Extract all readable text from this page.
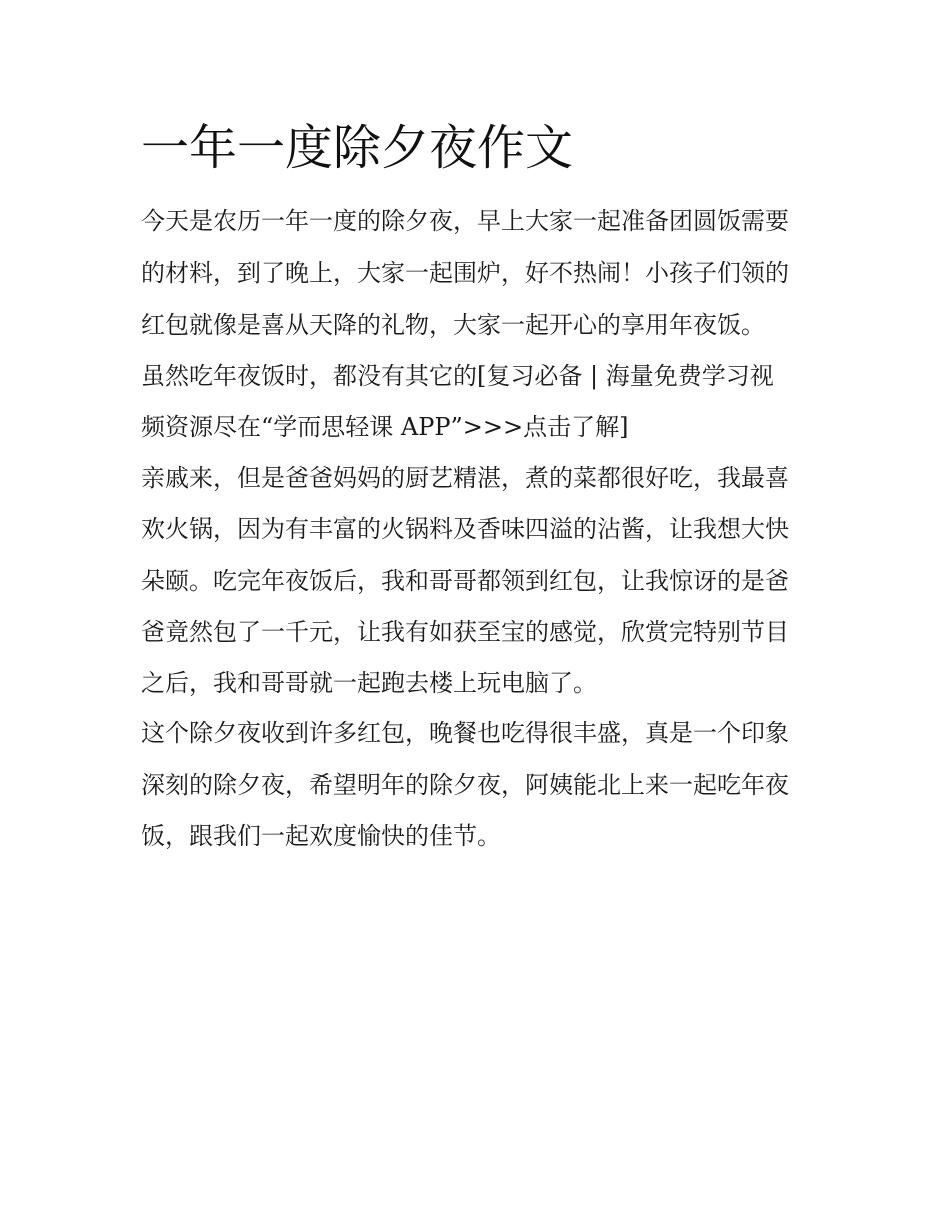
一年一度除夕夜作文

今天是农历一年一度的除夕夜，早上大家一起准备团圆饭需要

的材料，到了晚上，大家一起围炉，好不热闹！小孩子们领的

红包就像是喜从天降的礼物，大家一起开心的享用年夜饭。

虽然吃年夜饭时，都没有其它的[复习必备 | 海量免费学习视

频资源尽在“学而思轻课 APP”>>>点击了解]

亲戚来，但是爸爸妈妈的厨艺精湛，煮的菜都很好吃，我最喜

欢火锅，因为有丰富的火锅料及香味四溢的沾酱，让我想大快

朵颐。吃完年夜饭后，我和哥哥都领到红包，让我惊讶的是爸

爸竟然包了一千元，让我有如获至宝的感觉，欣赏完特别节目

之后，我和哥哥就一起跑去楼上玩电脑了。

这个除夕夜收到许多红包，晚餐也吃得很丰盛，真是一个印象

深刻的除夕夜，希望明年的除夕夜，阿姨能北上来一起吃年夜

饭，跟我们一起欢度愉快的佳节。
